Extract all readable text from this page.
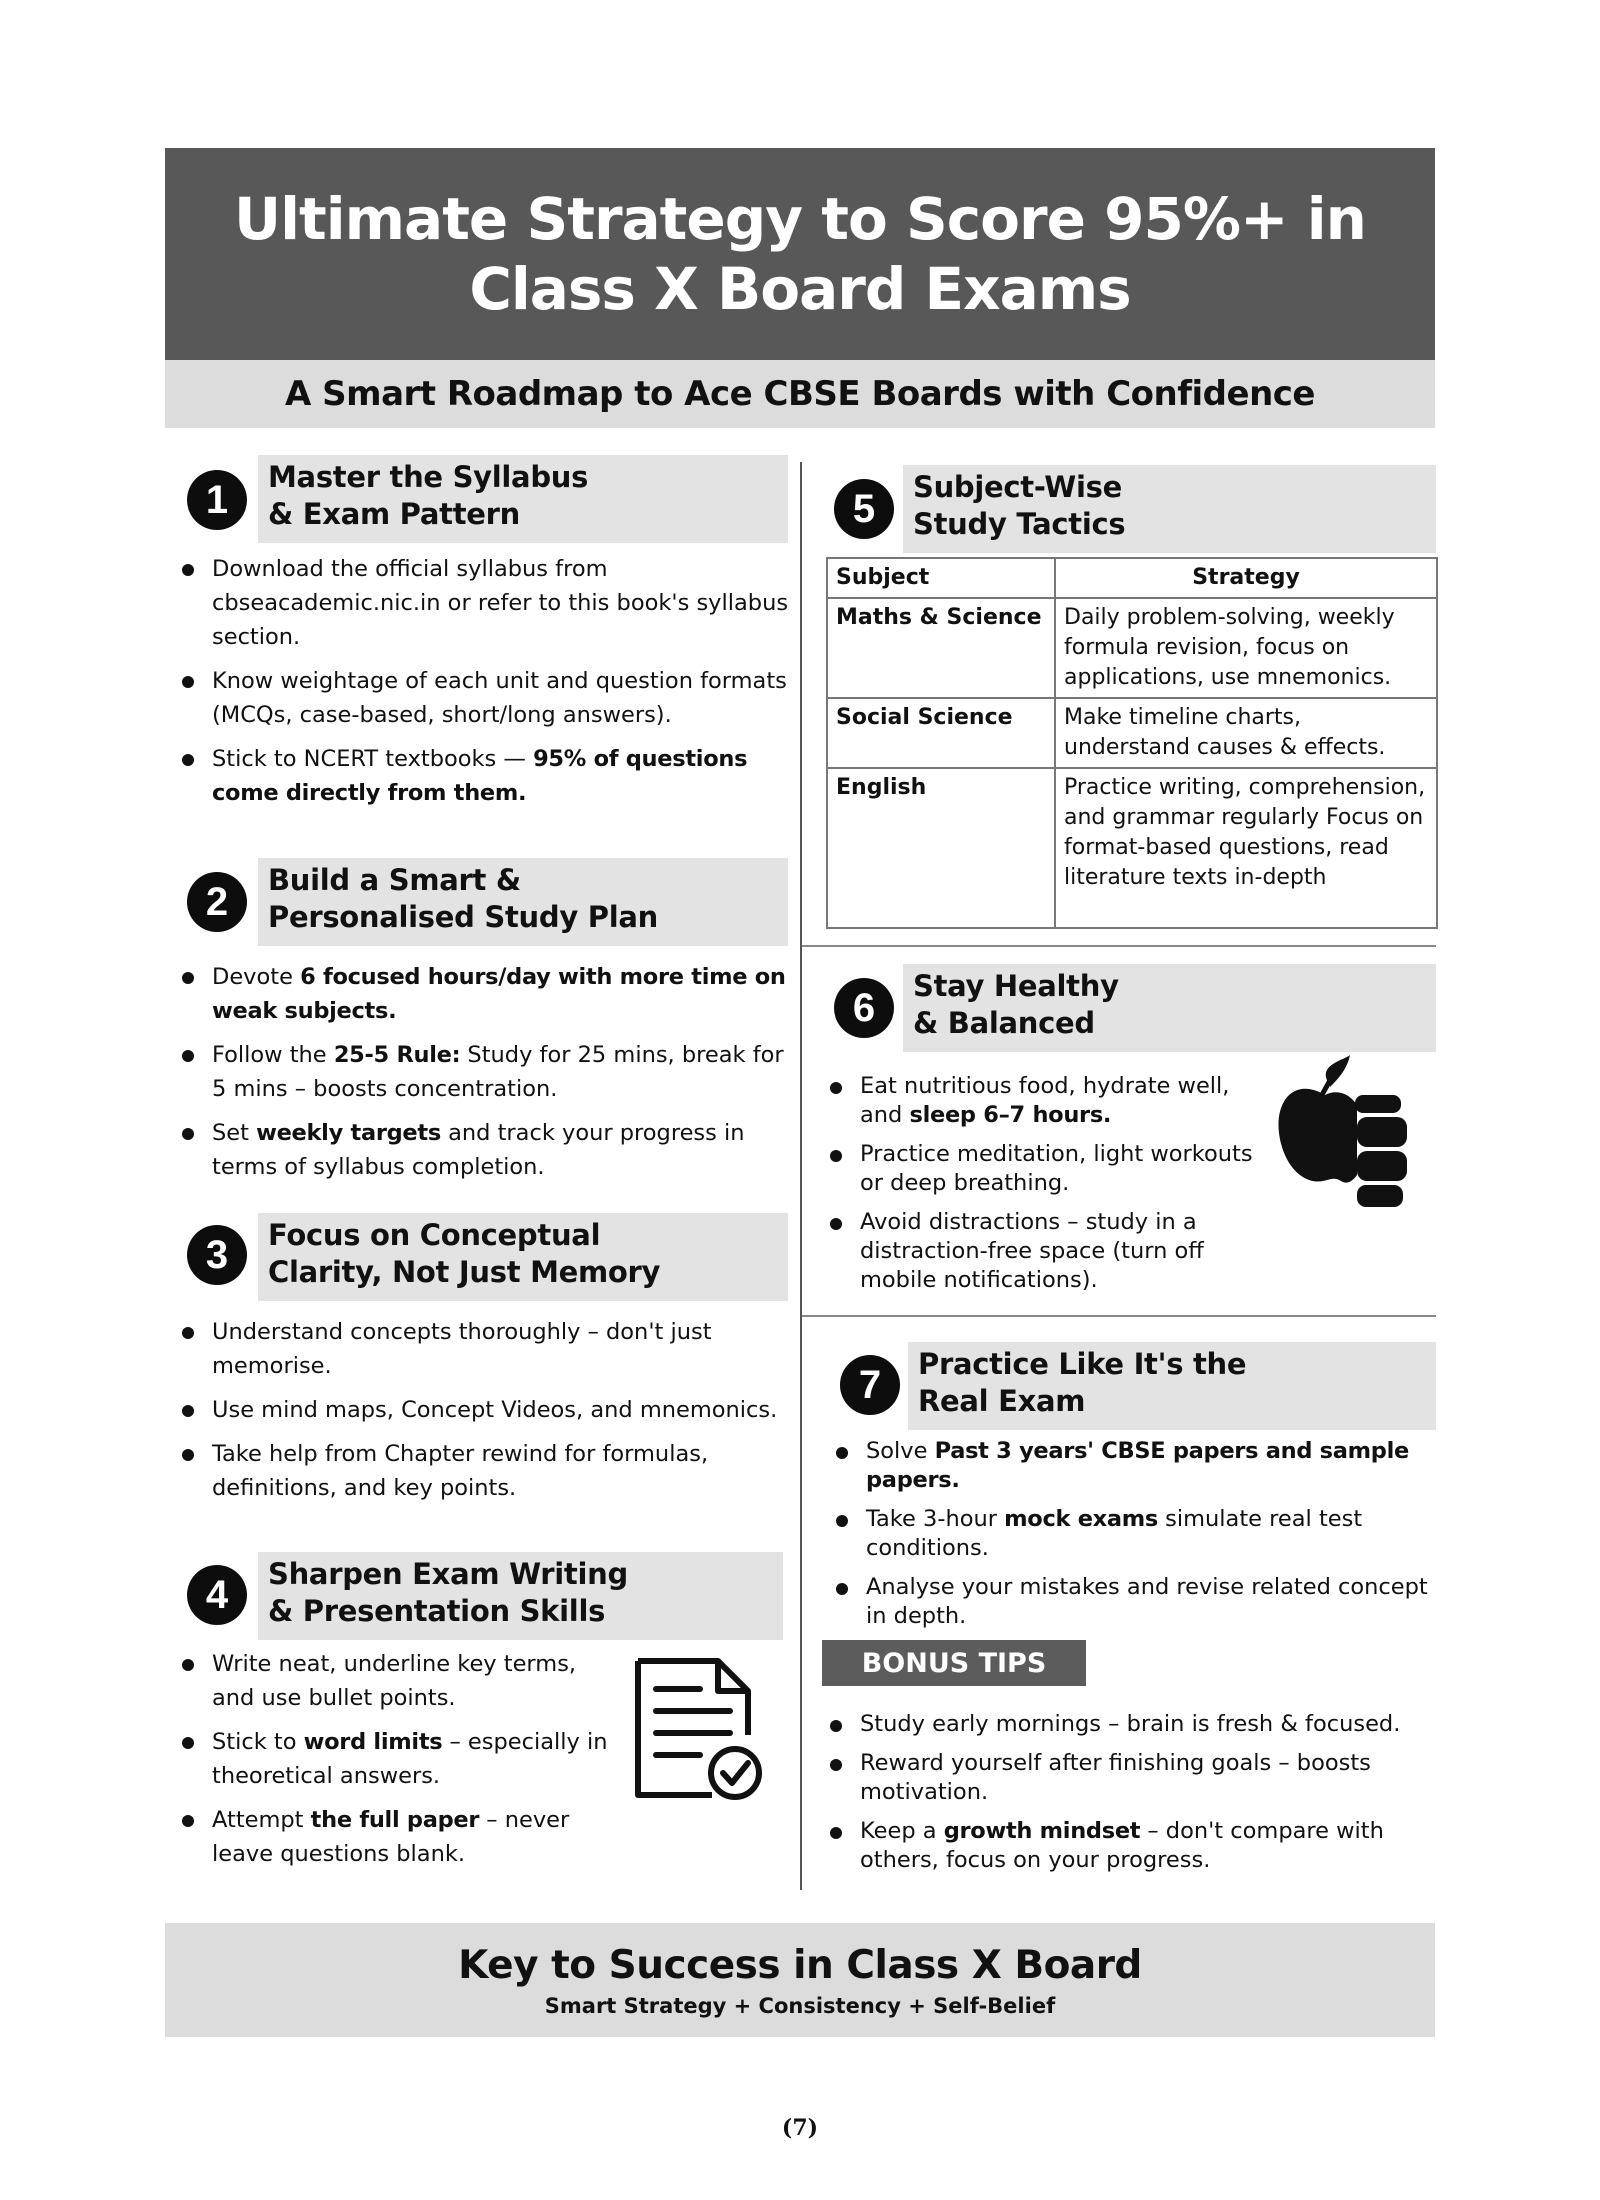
Ultimate Strategy to Score 95%+ in
Class X Board Exams
A Smart Roadmap to Ace CBSE Boards with Confidence
1
Master the Syllabus
& Exam Pattern
Download the official syllabus from cbseacademic.nic.in or refer to this book's syllabus section.
Know weightage of each unit and question formats (MCQs, case-based, short/long answers).
Stick to NCERT textbooks — 95% of questions come directly from them.
2	Build a Smart &
Personalised Study Plan
Devote 6 focused hours/day with more time on weak subjects.
Follow the 25-5 Rule: Study for 25 mins, break for 5 mins – boosts concentration.
Set weekly targets and track your progress in terms of syllabus completion.
3	Focus on Conceptual
Clarity, Not Just Memory
Understand concepts thoroughly – don't just memorise.
Use mind maps, Concept Videos, and mnemonics.
Take help from Chapter rewind for formulas, definitions, and key points.
4	Sharpen Exam Writing
& Presentation Skills
Write neat, underline key terms, and use bullet points.
Stick to word limits – especially in theoretical answers.
Attempt the full paper – never leave questions blank.
5	Subject-Wise
Study Tactics
Subject	Strategy
Maths & Science	Daily problem-solving, weekly formula revision, focus on applications, use mnemonics.
Social Science	Make timeline charts, understand causes & effects.
English	Practice writing, comprehension, and grammar regularly Focus on format-based questions, read literature texts in-depth
6	Stay Healthy
& Balanced
Eat nutritious food, hydrate well, and sleep 6–7 hours.
Practice meditation, light workouts or deep breathing.
Avoid distractions – study in a distraction-free space (turn off mobile notifications).
7	Practice Like It's the
Real Exam
Solve Past 3 years' CBSE papers and sample papers.
Take 3-hour mock exams simulate real test conditions.
Analyse your mistakes and revise related concept in depth.
BONUS TIPS
Study early mornings – brain is fresh & focused.
Reward yourself after finishing goals – boosts motivation.
Keep a growth mindset – don't compare with others, focus on your progress.
Key to Success in Class X Board
Smart Strategy + Consistency + Self-Belief
(7)
